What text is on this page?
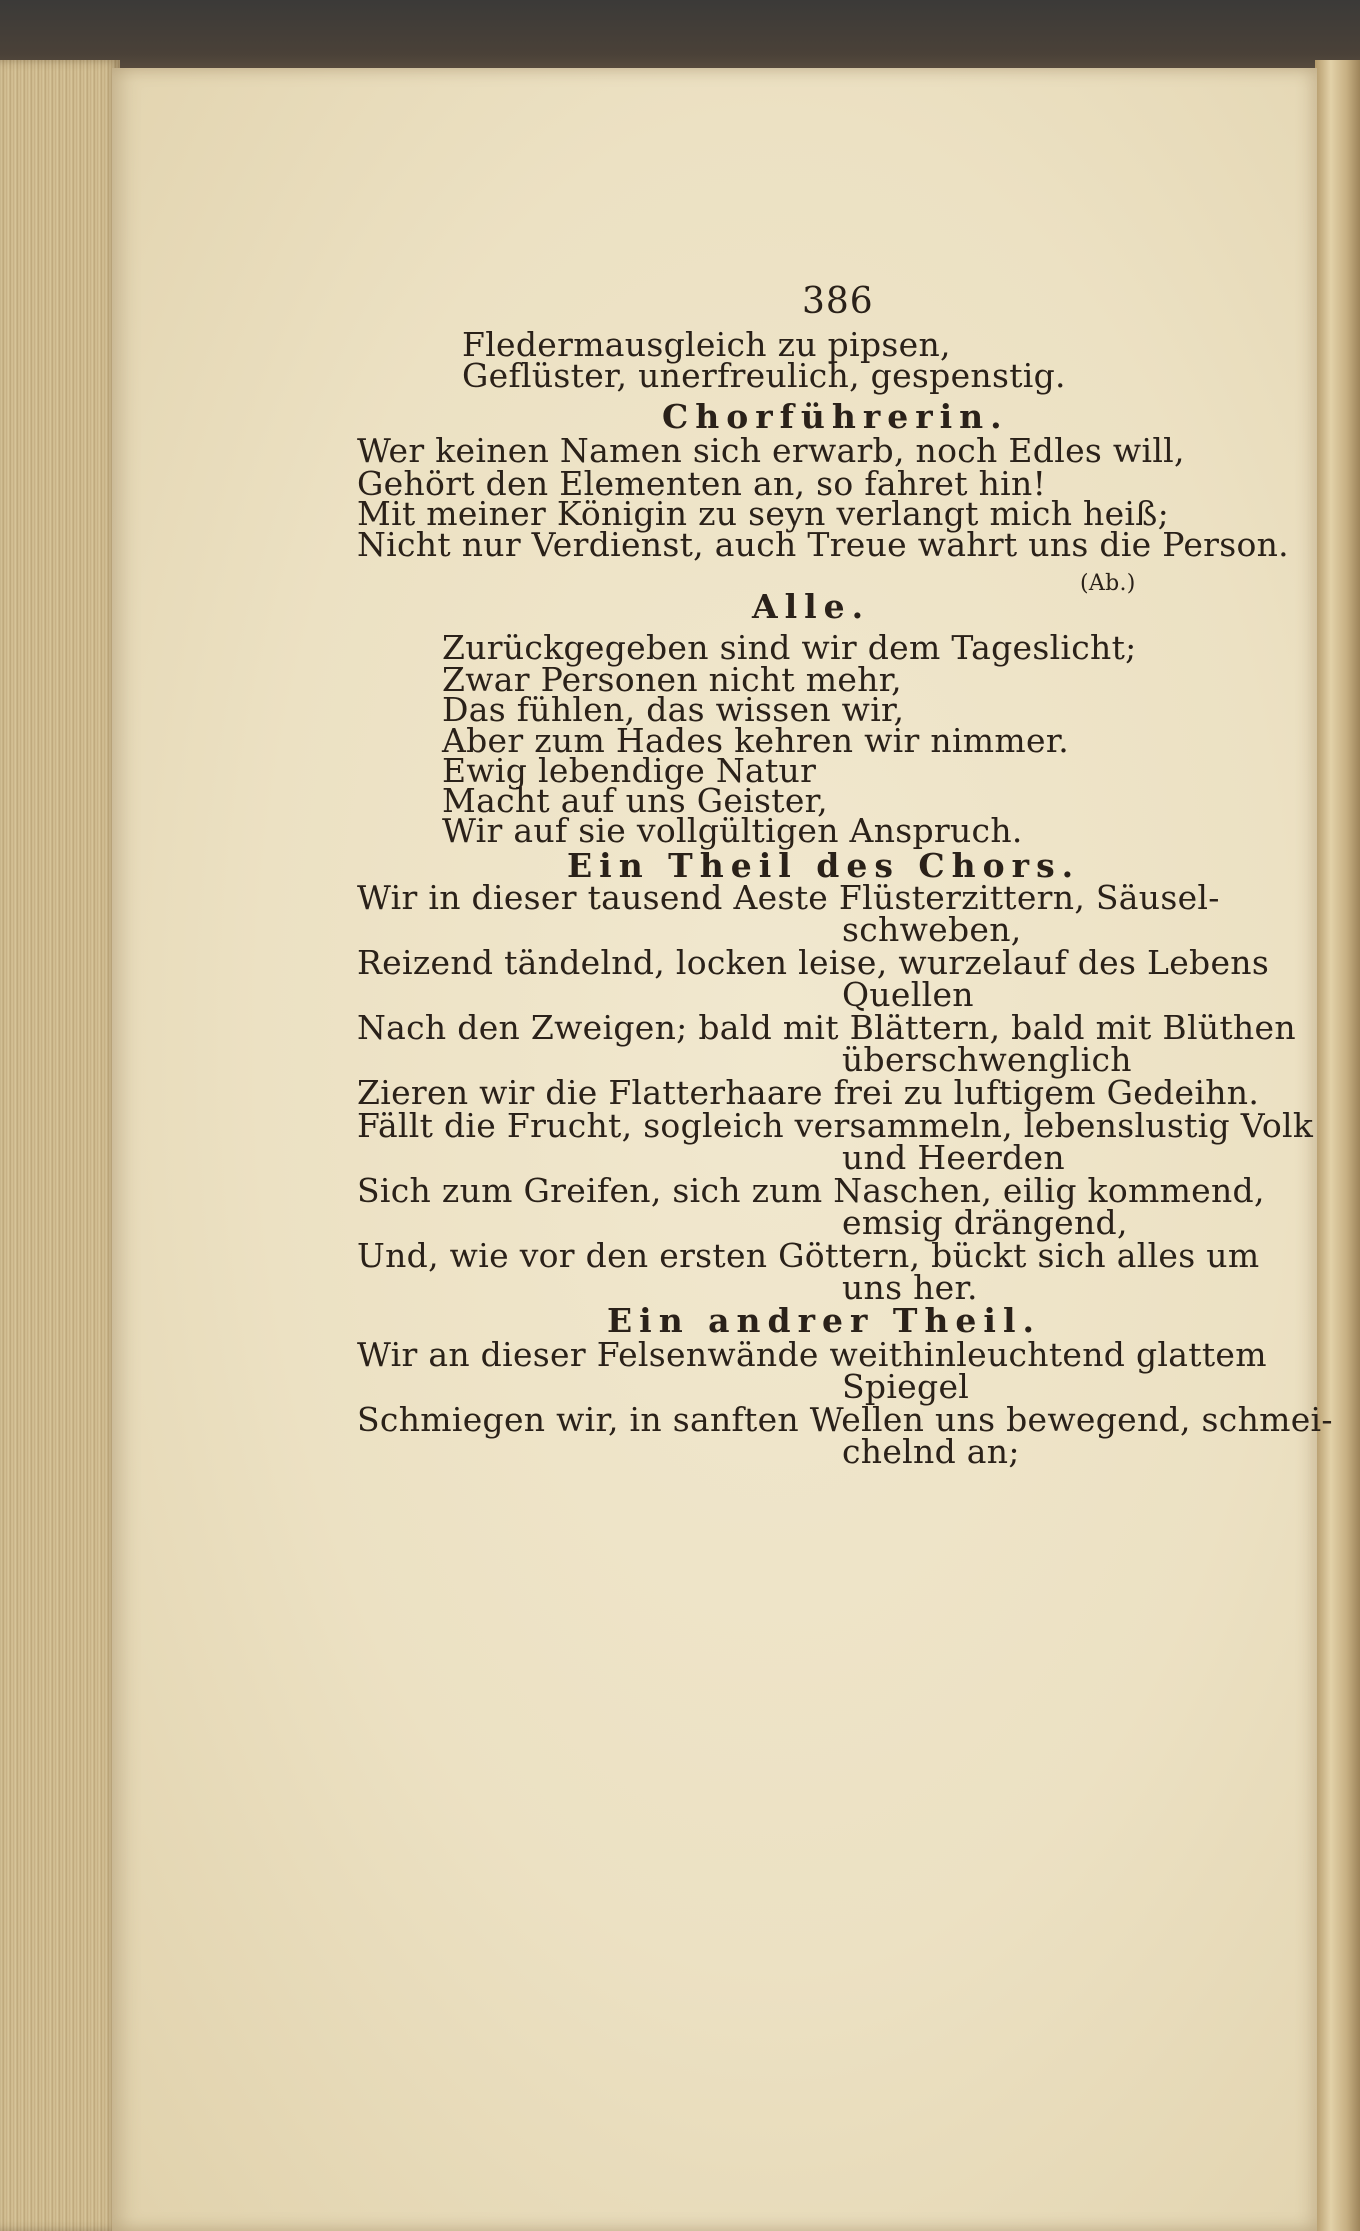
386
Fledermausgleich zu pipsen,
Geflüster, unerfreulich, gespenstig.
Chorführerin.
Wer keinen Namen sich erwarb, noch Edles will,
Gehört den Elementen an, so fahret hin!
Mit meiner Königin zu seyn verlangt mich heiß;
Nicht nur Verdienst, auch Treue wahrt uns die Person.
(Ab.)
Alle.
Zurückgegeben sind wir dem Tageslicht;
Zwar Personen nicht mehr,
Das fühlen, das wissen wir,
Aber zum Hades kehren wir nimmer.
Ewig lebendige Natur
Macht auf uns Geister,
Wir auf sie vollgültigen Anspruch.
Ein Theil des Chors.
Wir in dieser tausend Aeste Flüsterzittern, Säusel-
schweben,
Reizend tändelnd, locken leise, wurzelauf des Lebens
Quellen
Nach den Zweigen; bald mit Blättern, bald mit Blüthen
überschwenglich
Zieren wir die Flatterhaare frei zu luftigem Gedeihn.
Fällt die Frucht, sogleich versammeln, lebenslustig Volk
und Heerden
Sich zum Greifen, sich zum Naschen, eilig kommend,
emsig drängend,
Und, wie vor den ersten Göttern, bückt sich alles um
uns her.
Ein andrer Theil.
Wir an dieser Felsenwände weithinleuchtend glattem
Spiegel
Schmiegen wir, in sanften Wellen uns bewegend, schmei-
chelnd an;
